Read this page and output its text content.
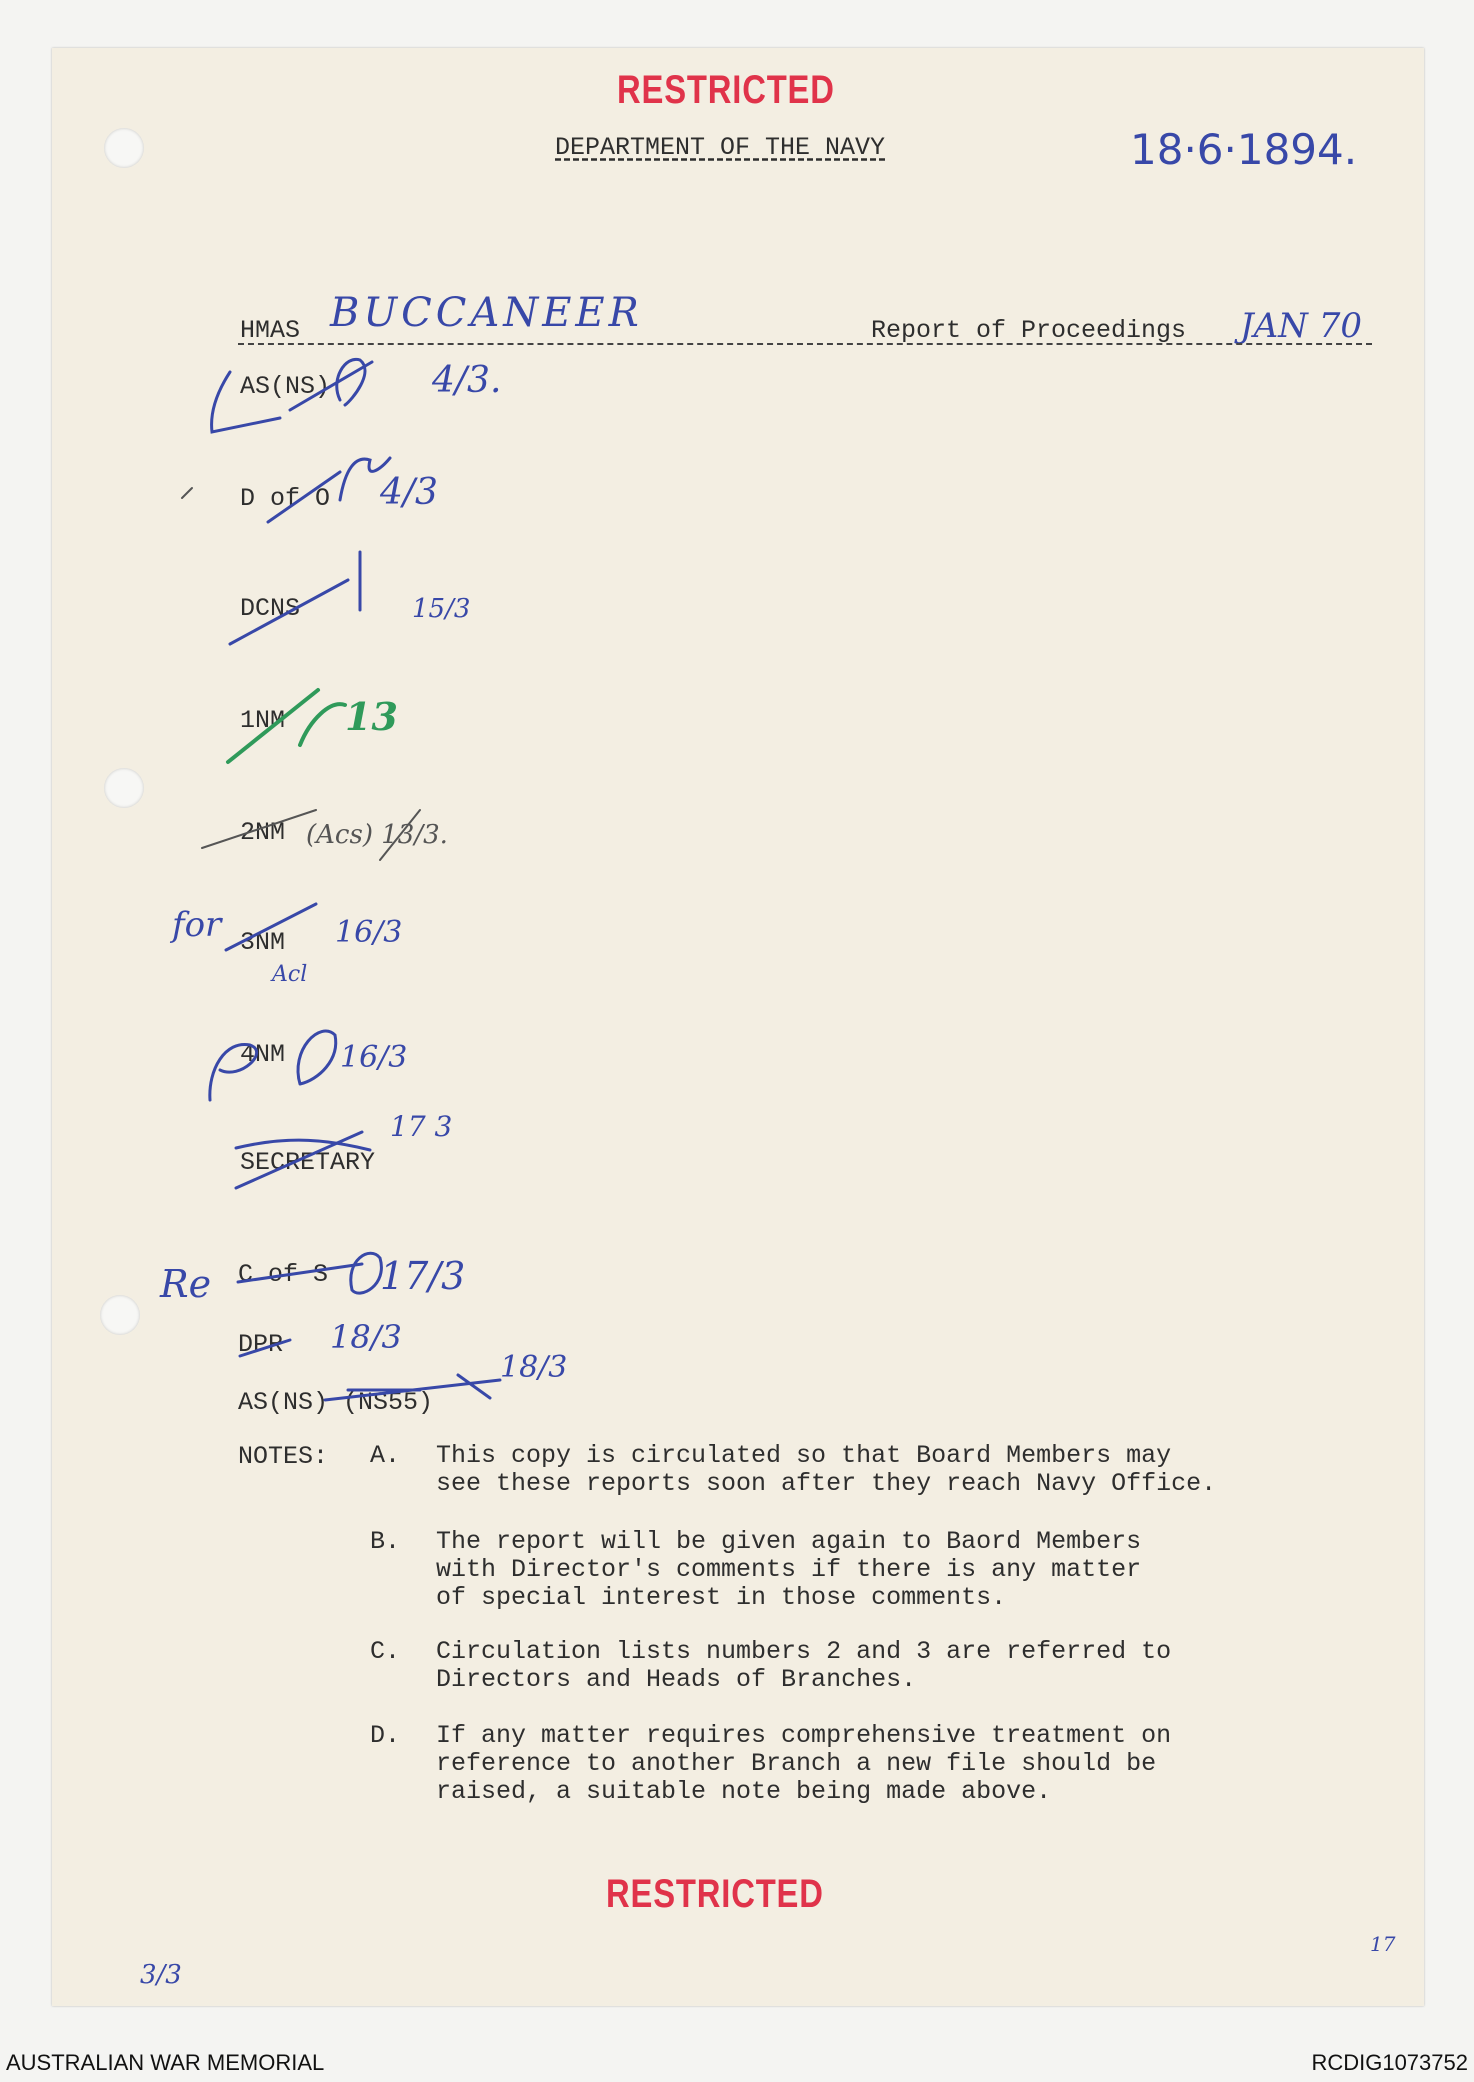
RESTRICTED
RESTRICTED
DEPARTMENT OF THE NAVY	18·6·1894.
HMAS BUCCANEER	Report of Proceedings JAN 70
AS(NS)	4/3.
D of O 4/3
DCNS	15/3
1NM 13
2NM (Acs) 13/3.
3NM 16/3
4NM 16/3
SECRETARY
17 3
C of S 17/3
DPR 18/3
AS(NS) (NS55)
18/3
for
Acl
Re
3/3
17
NOTES: A. This copy is circulated so that Board Members may
see these reports soon after they reach Navy Office.
B. The report will be given again to Baord Members
with Director's comments if there is any matter
of special interest in those comments.
C. Circulation lists numbers 2 and 3 are referred to
Directors and Heads of Branches.
D. If any matter requires comprehensive treatment on
reference to another Branch a new file should be
raised, a suitable note being made above.
AUSTRALIAN WAR MEMORIAL	RCDIG1073752
